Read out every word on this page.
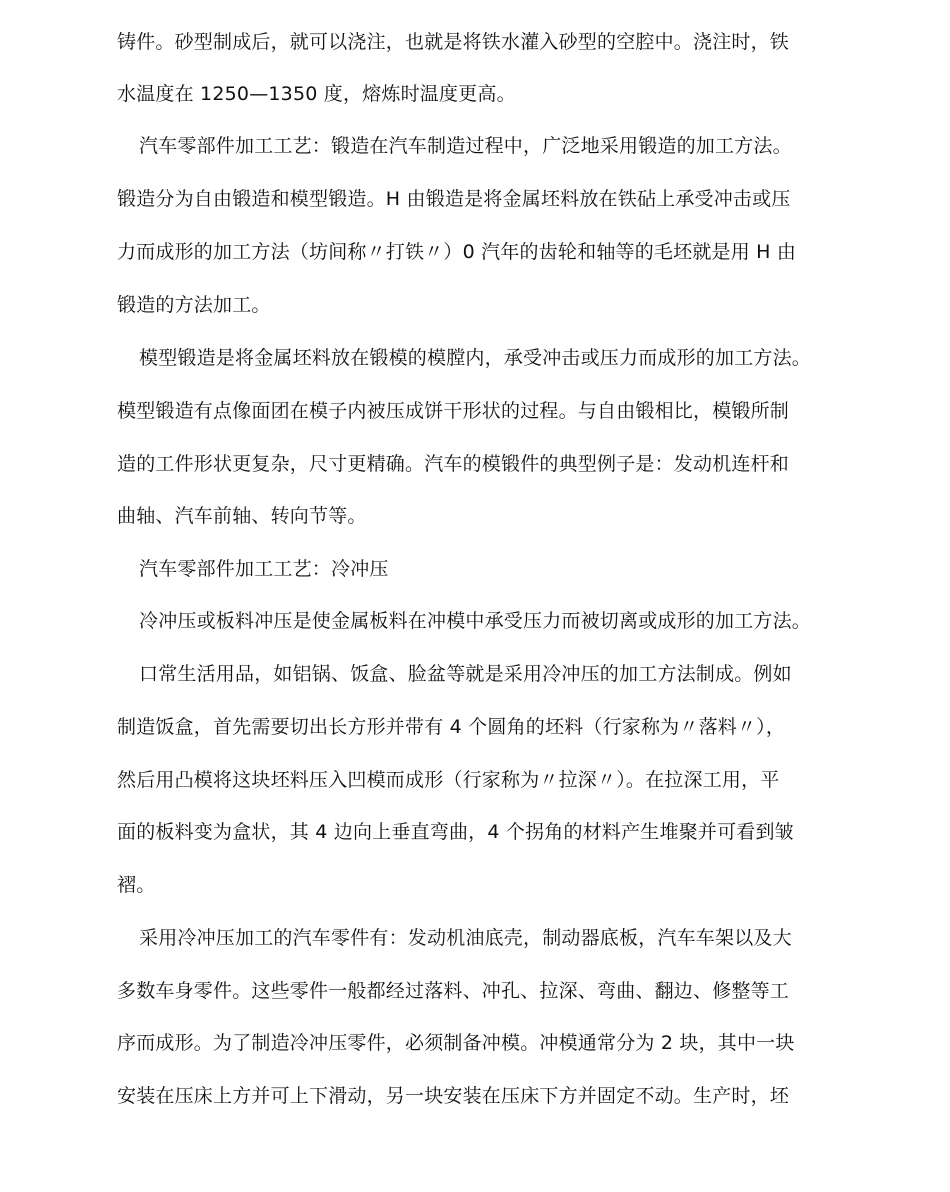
铸件。砂型制成后，就可以浇注，也就是将铁水灌入砂型的空腔中。浇注时，铁
水温度在 1250—1350 度，熔炼时温度更高。
汽车零部件加工工艺：锻造在汽车制造过程中，广泛地采用锻造的加工方法。
锻造分为自由锻造和模型锻造。H 由锻造是将金属坯料放在铁砧上承受冲击或压
力而成形的加工方法（坊间称〃打铁〃）0 汽年的齿轮和轴等的毛坯就是用 H 由
锻造的方法加工。
模型锻造是将金属坯料放在锻模的模膛内，承受冲击或压力而成形的加工方法。
模型锻造有点像面团在模子内被压成饼干形状的过程。与自由锻相比，模锻所制
造的工件形状更复杂，尺寸更精确。汽车的模锻件的典型例子是：发动机连杆和
曲轴、汽车前轴、转向节等。
汽车零部件加工工艺：冷冲压
冷冲压或板料冲压是使金属板料在冲模中承受压力而被切离或成形的加工方法。
口常生活用品，如铝锅、饭盒、脸盆等就是采用冷冲压的加工方法制成。例如
制造饭盒，首先需要切出长方形并带有 4 个圆角的坯料（行家称为〃落料〃），
然后用凸模将这块坯料压入凹模而成形（行家称为〃拉深〃）。在拉深工用，平
面的板料变为盒状，其 4 边向上垂直弯曲，4 个拐角的材料产生堆聚并可看到皱
褶。
采用冷冲压加工的汽车零件有：发动机油底壳，制动器底板，汽车车架以及大
多数车身零件。这些零件一般都经过落料、冲孔、拉深、弯曲、翻边、修整等工
序而成形。为了制造冷冲压零件，必须制备冲模。冲模通常分为 2 块，其中一块
安装在压床上方并可上下滑动，另一块安装在压床下方并固定不动。生产时，坯
